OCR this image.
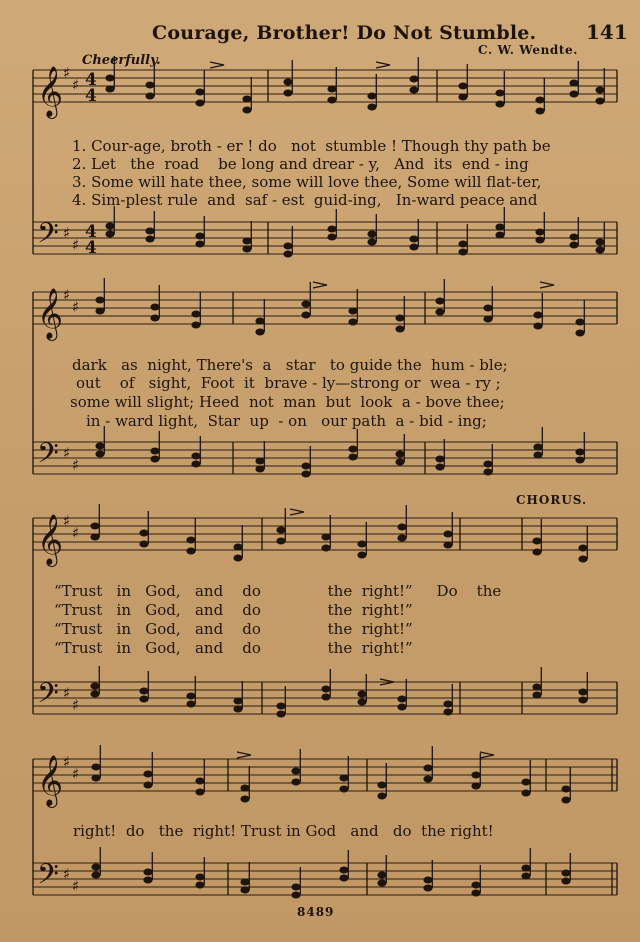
Courage, Brother! Do Not Stumble. 141
Cheerfully.
C. W. Wendte.
CHORUS.
𝄞 ♯
♯ 4
4
𝄢 ♯
♯
4
4
𝄞 ♯
♯
𝄢 ♯
♯
𝄞 ♯
♯
𝄢 ♯
♯
𝄞 ♯
♯
𝄢 ♯
♯
1. Cour-age, broth - er ! do   not  stumble ! Though thy path be
2. Let   the  road    be long and drear - y,   And  its  end - ing
3. Some will hate thee, some will love thee, Some will flat-ter,
4. Sim-plest rule  and  saf - est  guid-ing,   In-ward peace and
dark   as  night, There's  a   star   to guide the  hum - ble;
out    of   sight,  Foot  it  brave - ly—strong or  wea - ry ;
some will slight; Heed  not  man  but  look  a - bove thee;
in - ward light,  Star  up  - on   our path  a - bid - ing;
“Trust   in   God,   and    do              the  right!”     Do    the
“Trust   in   God,   and    do              the  right!”
“Trust   in   God,   and    do              the  right!”
“Trust   in   God,   and    do              the  right!”
right!  do   the  right! Trust in God   and   do  the right!
8489
